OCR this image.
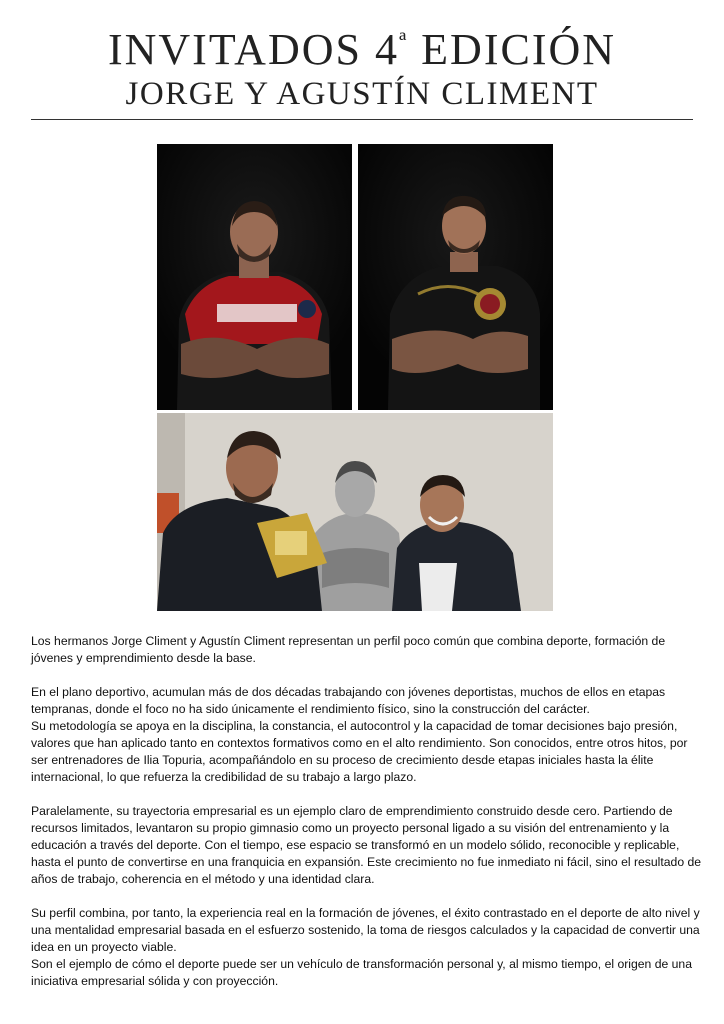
INVITADOS $4^ª$ EDICIÓN
JORGE Y AGUSTÍN CLIMENT

Los hermanos Jorge Climent y Agustín Climent representan un perfil poco común que combina deporte, formación de jóvenes y emprendimiento desde la base.

En el plano deportivo, acumulan más de dos décadas trabajando con jóvenes deportistas, muchos de ellos en etapas tempranas, donde el foco no ha sido únicamente el rendimiento físico, sino la construcción del carácter.

Su metodología se apoya en la disciplina, la constancia, el autocontrol y la capacidad de tomar decisiones bajo presión, valores que han aplicado tanto en contextos formativos como en el alto rendimiento. Son conocidos, entre otros hitos, por ser entrenadores de Ilia Topuria, acompañándolo en su proceso de crecimiento desde etapas iniciales hasta la élite internacional, lo que refuerza la credibilidad de su trabajo a largo plazo.

Paralelamente, su trayectoria empresarial es un ejemplo claro de emprendimiento construido desde cero. Partiendo de recursos limitados, levantaron su propio gimnasio como un proyecto personal ligado a su visión del entrenamiento y la educación a través del deporte. Con el tiempo, ese espacio se transformó en un modelo sólido, reconocible y replicable, hasta el punto de convertirse en una franquicia en expansión. Este crecimiento no fue inmediato ni fácil, sino el resultado de años de trabajo, coherencia en el método y una identidad clara.

Su perfil combina, por tanto, la experiencia real en la formación de jóvenes, el éxito contrastado en el deporte de alto nivel y una mentalidad empresarial basada en el esfuerzo sostenido, la toma de riesgos calculados y la capacidad de convertir una idea en un proyecto viable.

Son el ejemplo de cómo el deporte puede ser un vehículo de transformación personal y, al mismo tiempo, el origen de una iniciativa empresarial sólida y con proyección.
